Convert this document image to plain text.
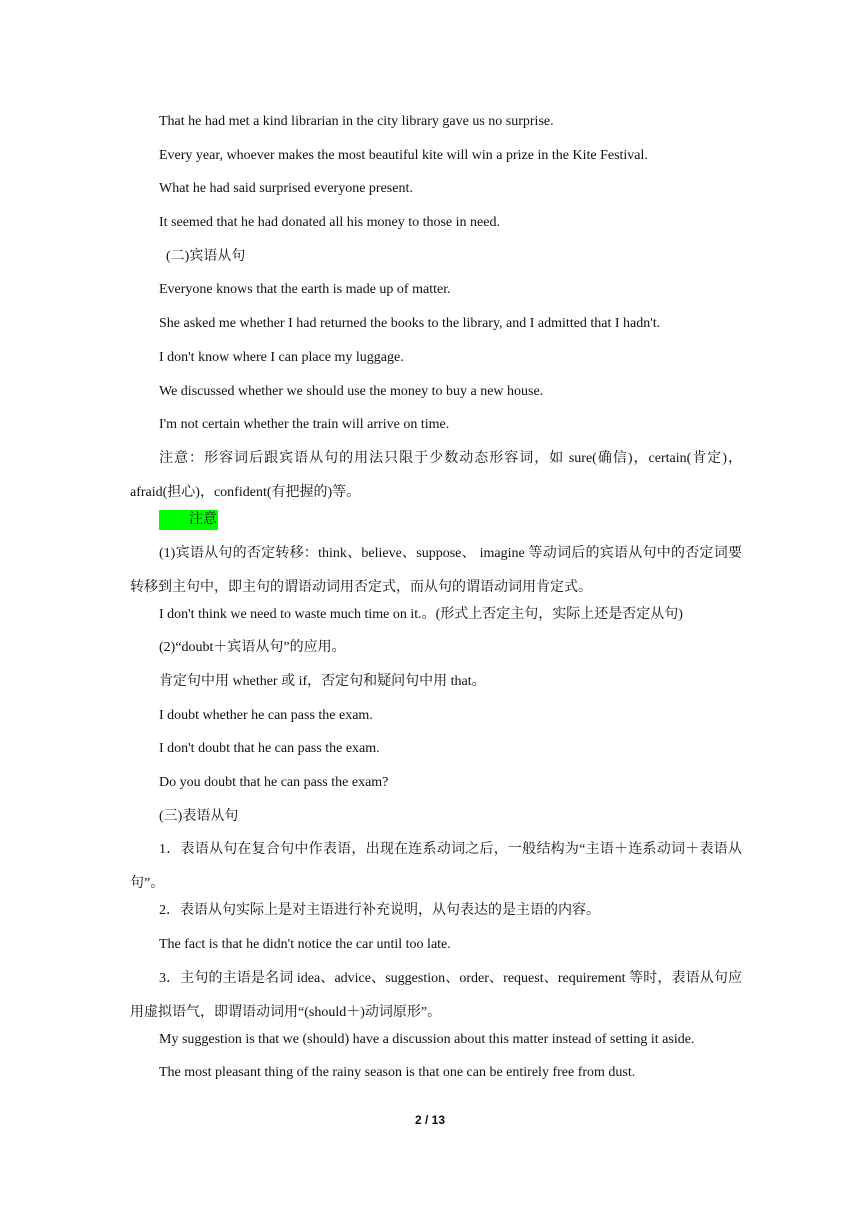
That he had met a kind librarian in the city library gave us no surprise.

Every year, whoever makes the most beautiful kite will win a prize in the Kite Festival.

What he had said surprised everyone present.

It seemed that he had donated all his money to those in need.

(二)宾语从句

Everyone knows that the earth is made up of matter.

She asked me whether I had returned the books to the library, and I admitted that I hadn't.

I don't know where I can place my luggage.

We discussed whether we should use the money to buy a new house.

I'm not certain whether the train will arrive on time.

注意：形容词后跟宾语从句的用法只限于少数动态形容词，如 sure(确信)，certain(肯定)，afraid(担心)，confident(有把握的)等。

注意

(1)宾语从句的否定转移：think、believe、suppose、 imagine 等动词后的宾语从句中的否定词要转移到主句中，即主句的谓语动词用否定式，而从句的谓语动词用肯定式。

I don't think we need to waste much time on it.。(形式上否定主句，实际上还是否定从句)

(2)“doubt＋宾语从句”的应用。

肯定句中用 whether 或 if，否定句和疑问句中用 that。

I doubt whether he can pass the exam.

I don't doubt that he can pass the exam.

Do you doubt that he can pass the exam?

(三)表语从句

1．表语从句在复合句中作表语，出现在连系动词之后，一般结构为“主语＋连系动词＋表语从句”。

2．表语从句实际上是对主语进行补充说明，从句表达的是主语的内容。

The fact is that he didn't notice the car until too late.

3．主句的主语是名词 idea、advice、suggestion、order、request、requirement 等时，表语从句应用虚拟语气，即谓语动词用“(should＋)动词原形”。

My suggestion is that we (should) have a discussion about this matter instead of setting it aside.

The most pleasant thing of the rainy season is that one can be entirely free from dust.

2 / 13
